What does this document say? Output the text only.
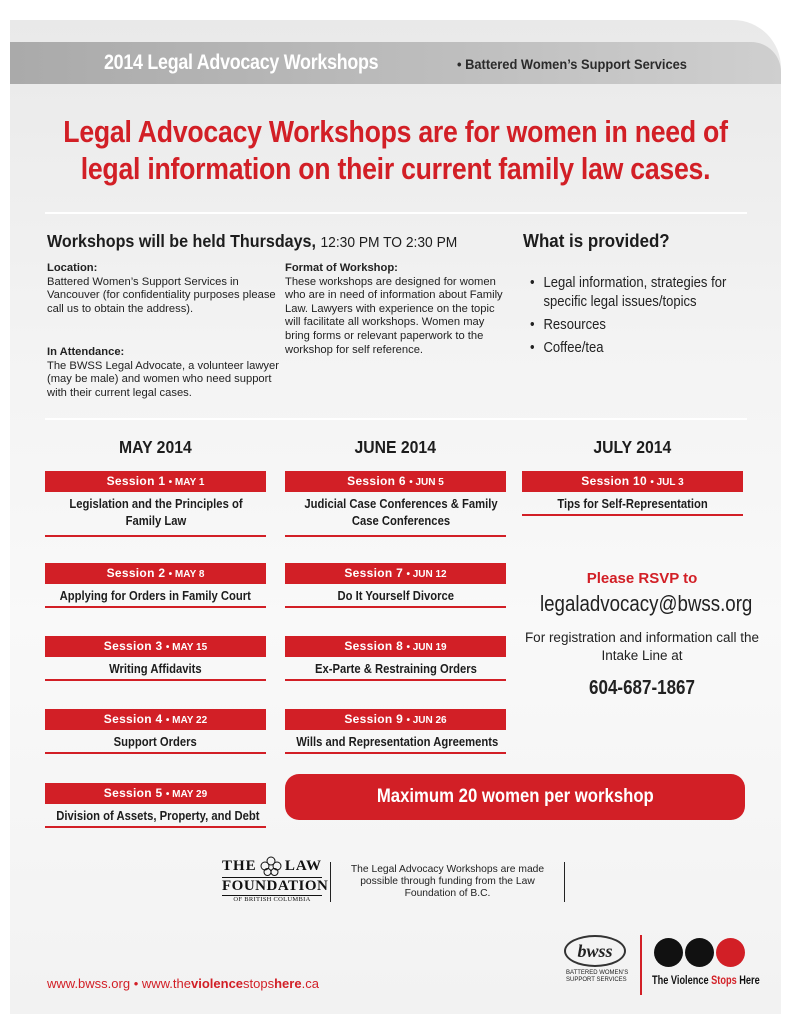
2014 Legal Advocacy Workshops	• Battered Women’s Support Services
Legal Advocacy Workshops are for women in need of
legal information on their current family law cases.
Workshops will be held Thursdays, 12:30 PM TO 2:30 PM	What is provided?

Location:

Battered Women’s Support Services in Vancouver (for confidentiality purposes please call us to obtain the address).

In Attendance:

The BWSS Legal Advocate, a volunteer lawyer (may be male) and women who need support with their current legal cases.

Format of Workshop:

These workshops are designed for women who are in need of information about Family Law. Lawyers with experience on the topic will facilitate all workshops. Women may bring forms or relevant paperwork to the workshop for self reference.

• Legal information, strategies for specific legal issues/topics
• Resources
• Coffee/tea
MAY 2014	JUNE 2014	JULY 2014
Session 1 • MAY 1
Legislation and the Principles of Family Law
Session 2 • MAY 8
Applying for Orders in Family Court
Session 3 • MAY 15
Writing Affidavits
Session 4 • MAY 22
Support Orders
Session 5 • MAY 29
Division of Assets, Property, and Debt
Session 6 • JUN 5
Judicial Case Conferences & Family Case Conferences
Session 7 • JUN 12
Do It Yourself Divorce
Session 8 • JUN 19
Ex-Parte & Restraining Orders
Session 9 • JUN 26
Wills and Representation Agreements
Session 10 • JUL 3
Tips for Self-Representation
Please RSVP to
legaladvocacy@bwss.org
For registration and information call the Intake Line at
604-687-1867
Maximum 20 women per workshop
THE LAW
FOUNDATION
OF BRITISH COLUMBIA
The Legal Advocacy Workshops are made possible through funding from the Law Foundation of B.C.
bwss
BATTERED WOMEN’S
SUPPORT SERVICES The Violence Stops Here
www.bwss.org • www.theviolencestopshere.ca
